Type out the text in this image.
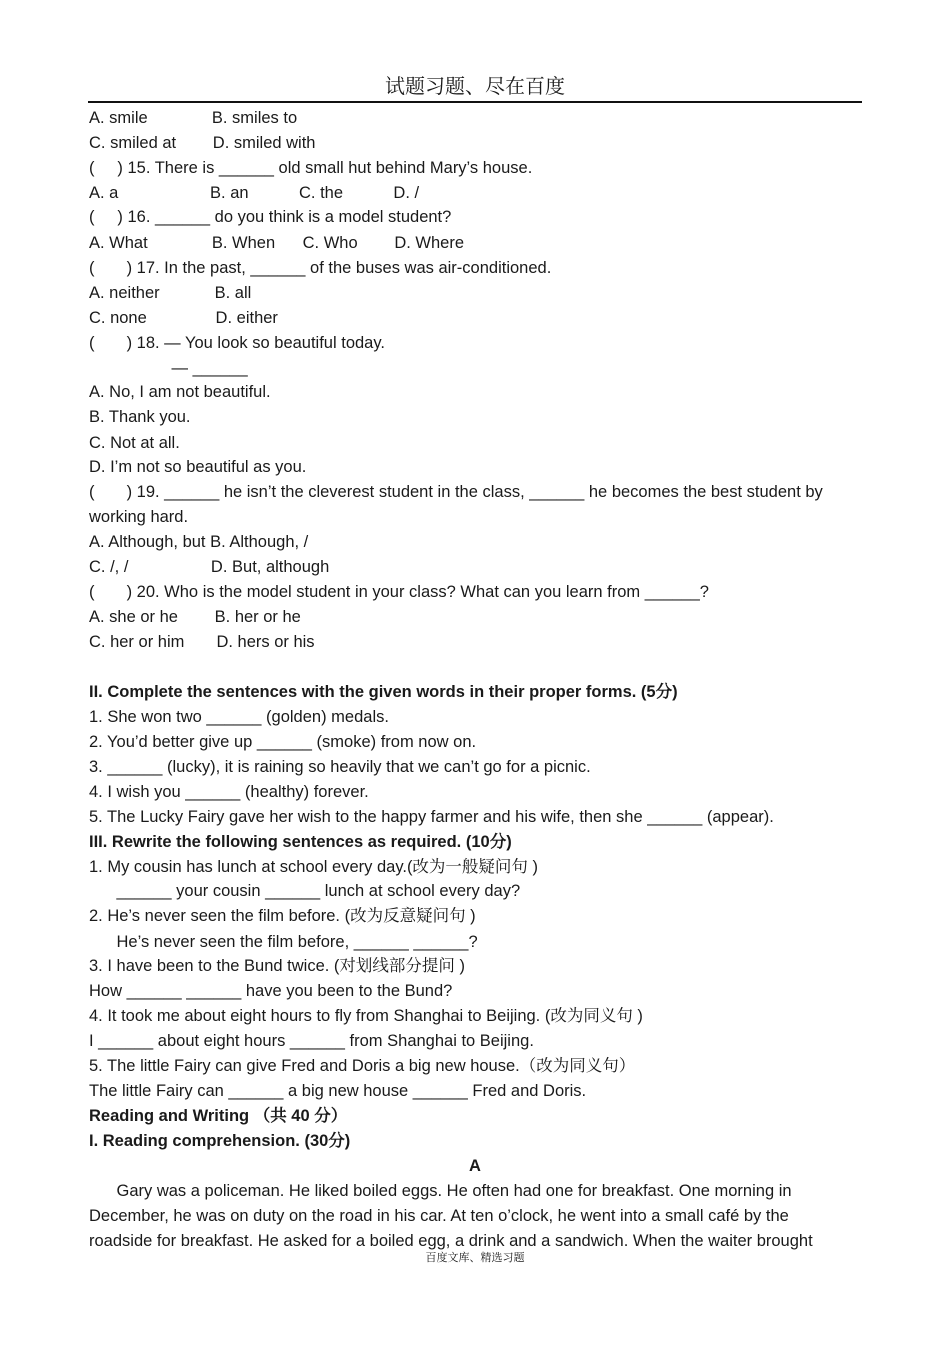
试题习题、尽在百度
A. smile              B. smiles to
C. smiled at        D. smiled with
(     ) 15. There is ______ old small hut behind Mary’s house.
A. a                    B. an           C. the           D. /
(     ) 16. ______ do you think is a model student?
A. What              B. When      C. Who        D. Where
(       ) 17. In the past, ______ of the buses was air-conditioned.
A. neither            B. all
C. none               D. either
(       ) 18. — You look so beautiful today.
— ______
A. No, I am not beautiful.
B. Thank you.
C. Not at all.
D. I’m not so beautiful as you.
(       ) 19. ______ he isn’t the cleverest student in the class, ______ he becomes the best student by
working hard.
A. Although, but B. Although, /
C. /, /                  D. But, although
(       ) 20. Who is the model student in your class? What can you learn from ______?
A. she or he        B. her or he
C. her or him       D. hers or his
II. Complete the sentences with the given words in their proper forms. (5分)
1. She won two ______ (golden) medals.
2. You’d better give up ______ (smoke) from now on.
3. ______ (lucky), it is raining so heavily that we can’t go for a picnic.
4. I wish you ______ (healthy) forever.
5. The Lucky Fairy gave her wish to the happy farmer and his wife, then she ______ (appear).
III. Rewrite the following sentences as required. (10分)
1. My cousin has lunch at school every day.(改为一般疑问句 )
______ your cousin ______ lunch at school every day?
2. He’s never seen the film before. (改为反意疑问句 )
He’s never seen the film before, ______ ______?
3. I have been to the Bund twice. (对划线部分提问 )
How ______ ______ have you been to the Bund?
4. It took me about eight hours to fly from Shanghai to Beijing. (改为同义句 )
I ______ about eight hours ______ from Shanghai to Beijing.
5. The little Fairy can give Fred and Doris a big new house.（改为同义句）
The little Fairy can ______ a big new house ______ Fred and Doris.
Reading and Writing （共 40 分）
I. Reading comprehension. (30分)
A
Gary was a policeman. He liked boiled eggs. He often had one for breakfast. One morning in
December, he was on duty on the road in his car. At ten o’clock, he went into a small café by the
roadside for breakfast. He asked for a boiled egg, a drink and a sandwich. When the waiter brought
百度文库、精选习题
